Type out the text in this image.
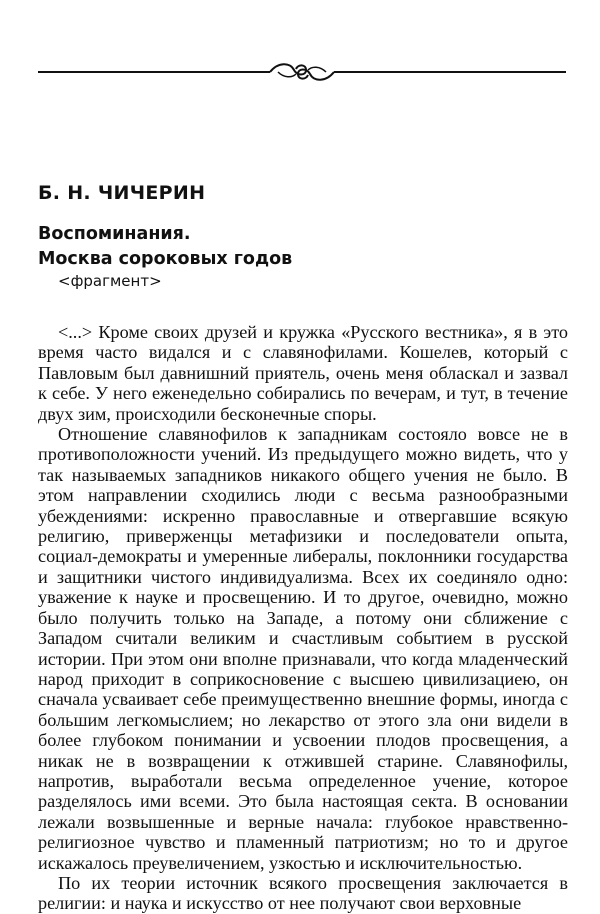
Б. Н. ЧИЧЕРИН
Воспоминания.
Москва сороковых годов
<фрагмент>

<...> Кроме своих друзей и кружка «Русского вестника», я в это время часто видался и с славянофилами. Кошелев, который с Павловым был давнишний приятель, очень меня обласкал и зазвал к себе. У него еженедельно собирались по вечерам, и тут, в течение двух зим, происходили бесконечные споры.

Отношение славянофилов к западникам состояло вовсе не в противоположности учений. Из предыдущего можно видеть, что у так называемых западников никакого общего учения не было. В этом направлении сходились люди с весьма разнообразными убеждениями: искренно православные и отвергавшие всякую религию, приверженцы метафизики и последователи опыта, социал-демократы и умеренные либералы, поклонники государства и защитники чистого индивидуализма. Всех их соединяло одно: уважение к науке и просвещению. И то другое, очевидно, можно было получить только на Западе, а потому они сближение с Западом считали великим и счастливым событием в русской истории. При этом они вполне признавали, что когда младенческий народ приходит в соприкосновение с высшею цивилизациею, он сначала усваивает себе преимущественно внешние формы, иногда с большим легкомыслием; но лекарство от этого зла они видели в более глубоком понимании и усвоении плодов просвещения, а никак не в возвращении к отжившей старине. Славянофилы, напротив, выработали весьма определенное учение, которое разделялось ими всеми. Это была настоящая секта. В основании лежали возвышенные и верные начала: глубокое нравственно-религиозное чувство и пламенный патриотизм; но то и другое искажалось преувеличением, узкостью и исключительностью.

По их теории источник всякого просвещения заключается в религии: и наука и искусство от нее получают свои верховные
